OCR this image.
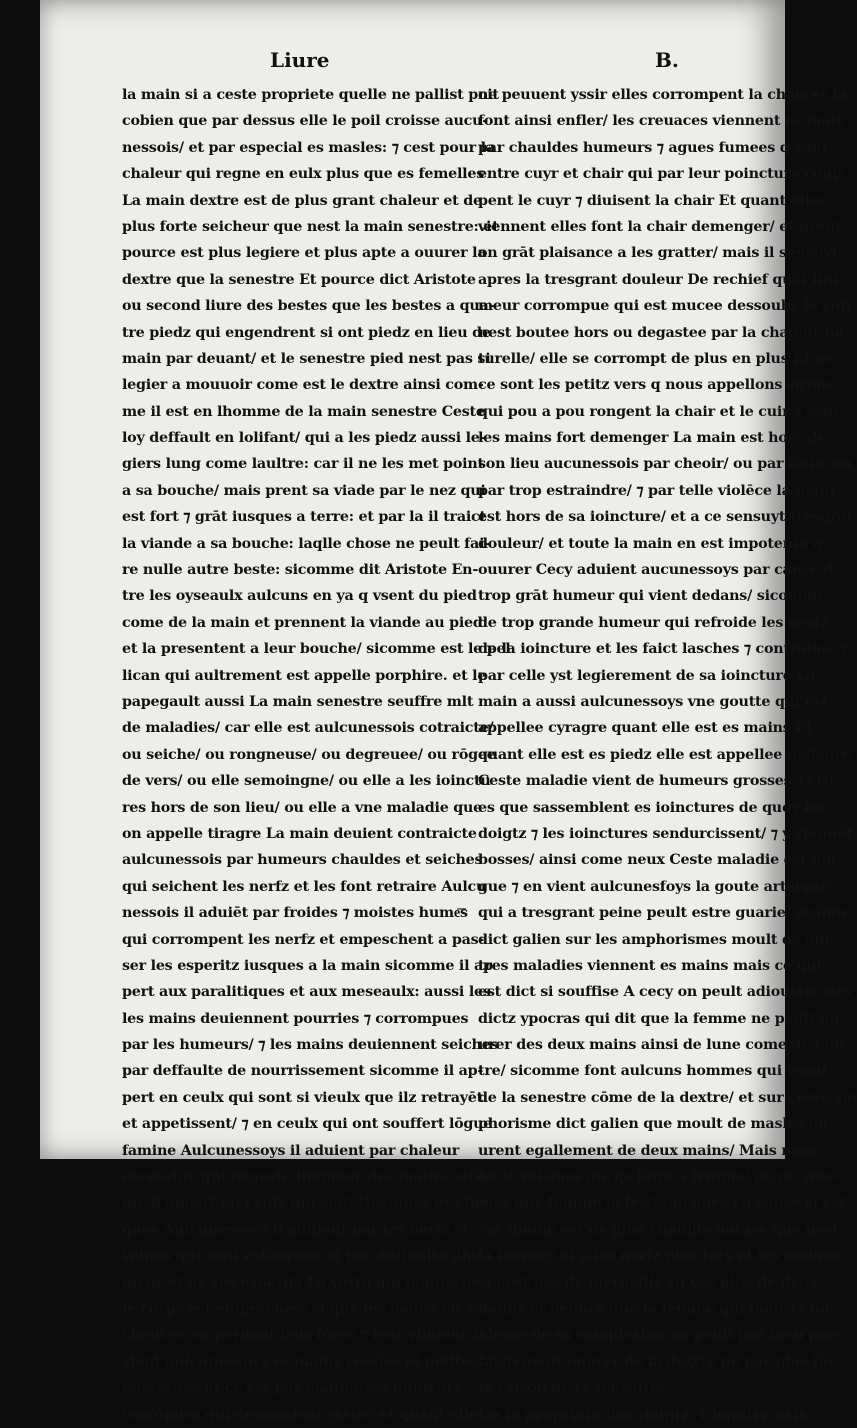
Liure	B.
la main si a ceste propriete quelle ne pallist poit
cobien que par dessus elle le poil croisse aucu-
nessois/ et par especial es masles: ⁊ cest pour la
chaleur qui regne en eulx plus que es femelles
La main dextre est de plus grant chaleur et de
plus forte seicheur que nest la main senestre: et
pource est plus legiere et plus apte a ouurer la
dextre que la senestre Et pource dict Aristote
ou second liure des bestes que les bestes a qua-
tre piedz qui engendrent si ont piedz en lieu de
main par deuant/ et le senestre pied nest pas si
legier a mouuoir come est le dextre ainsi com-
me il est en lhomme de la main senestre Ceste
loy deffault en lolifant/ qui a les piedz aussi le-
giers lung come laultre: car il ne les met point
a sa bouche/ mais prent sa viade par le nez qui
est fort ⁊ grāt iusques a terre: et par la il traict
la viande a sa bouche: laqlle chose ne peult fai-
re nulle autre beste: sicomme dit Aristote En-
tre les oyseaulx aulcuns en ya q vsent du pied
come de la main et prennent la viande au pied
et la presentent a leur bouche/ sicomme est le pel
lican qui aultrement est appelle porphire. et le
papegault aussi La main senestre seuffre mlt
de maladies/ car elle est aulcunessois cotraicte/
ou seiche/ ou rongneuse/ ou degreuee/ ou rōgee
de vers/ ou elle semoingne/ ou elle a les ioinctu
res hors de son lieu/ ou elle a vne maladie que
on appelle tiragre La main deuient contraicte
aulcunessois par humeurs chauldes et seiches
qui seichent les nerfz et les font retraire Aulcu
nessois il aduiēt par froides ⁊ moistes hume͞s
qui corrompent les nerfz et empeschent a pas-
ser les esperitz iusques a la main sicomme il ap
pert aux paralitiques et aux meseaulx: aussi les
les mains deuiennent pourries ⁊ corrompues
par les humeurs/ ⁊ les mains deuiennent seiches
par deffaulte de nourrissement sicomme il ap-
pert en ceulx qui sont si vieulx que ilz retrayēt
et appetissent/ ⁊ en ceulx qui ont souffert lōgue
famine Aulcunessoys il aduient par chaleur
excessiue qui degaste lhumeur des mains/ sicō-
me il appert en ceulx qui sont thisiques et ethi-
ques Aulcunessoys il aduient par les nerfz et
veines qui sont estoupees et par deffaulte dhu
meur et de ses esperitz La vertu qui gouuerne
le corps est empeschee/ si que les mains en sei-
chent et en perdent leur force ⁊ leur vigueur Il
vient aulcunessoys es mains vessies et petites
bossettes/ et ce est par mauuaises humeurs
corrōpues qui demandent yssue/ et quant elles
ne peuuent yssir elles corrompent la chair et la
font ainsi enfler/ les creuaces viennent es mais
par chauldes humeurs ⁊ agues fumees q sont
entre cuyr et chair qui par leur poincture coup
pent le cuyr ⁊ diuisent la chair Et quant elles
viennent elles font la chair demenger/ et prent
on grāt plaisance a les gratter/ mais il sensuyt
apres la tresgrant douleur De rechief quāt lhu
meur corrompue qui est mucee dessoubz le cuir
nest boutee hors ou degastee par la chaleur na
turelle/ elle se corrompt de plus en plus Et de
ce sont les petitz vers q nous appellons sirons
qui pou a pou rongent la chair et le cuir ⁊ sont
les mains fort demenger La main est hors de
son lieu aucunessois par cheoir/ ou par ferir/ ou
par trop estraindre/ ⁊ par telle violēce la main
est hors de sa ioincture/ et a ce sensuyt tresgrāt
douleur/ et toute la main en est impotente a
ouurer Cecy aduient aucunessoys par cause d
trop grāt humeur qui vient dedans/ sicomme
de trop grande humeur qui refroide les nerfz
de la ioincture et les faict lasches ⁊ contraine/ ⁊
par celle yst legierement de sa ioincture La
main a aussi aulcunessoys vne goutte qui est
appellee cyragre quant elle est es mains Et
quant elle est es piedz elle est appellee podagre
Ceste maladie vient de humeurs grosses ⁊ cru
es que sassemblent es ioinctures de quoy les
doigtz ⁊ les ioinctures sendurcissent/ ⁊ y viennēt
bosses/ ainsi come neux Ceste maladie est lon-
gue ⁊ en vient aulcunesfoys la goute arteique
qui a tresgrant peine peult estre guarie/ sicōme
dict galien sur les amphorismes moult de aul-
tres maladies viennent es mains mais ce qui
est dict si souffise A cecy on peult adiouster des
dictz ypocras qui dit que la femme ne peult ou
urer des deux mains ainsi de lune come de laul
tre/ sicomme font aulcuns hommes qui vsent
de la senestre cōme de la dextre/ et sur ceste am
phorisme dict galien que moult de masles ou-
urent egallement de deux mains/ Mais nous
ne le veismes oncqs faire a femme/ ne ne veis-
mes que femme le feist oncques La cause si est
car lhōme est de plus chaulde nature que nest
la femme/ et a les nerfz plus fors et les mēbres
si nest pas de merueille sil vse plus de deux
mains et oeuure que la femme qui pour la foi
blesse de sa complexion ne peult pas bien par-
faictement ouurer de la dextre ne par plus for-
te raison de la senestre.
De la propriete des doigtz. Chapitre.xxix.
